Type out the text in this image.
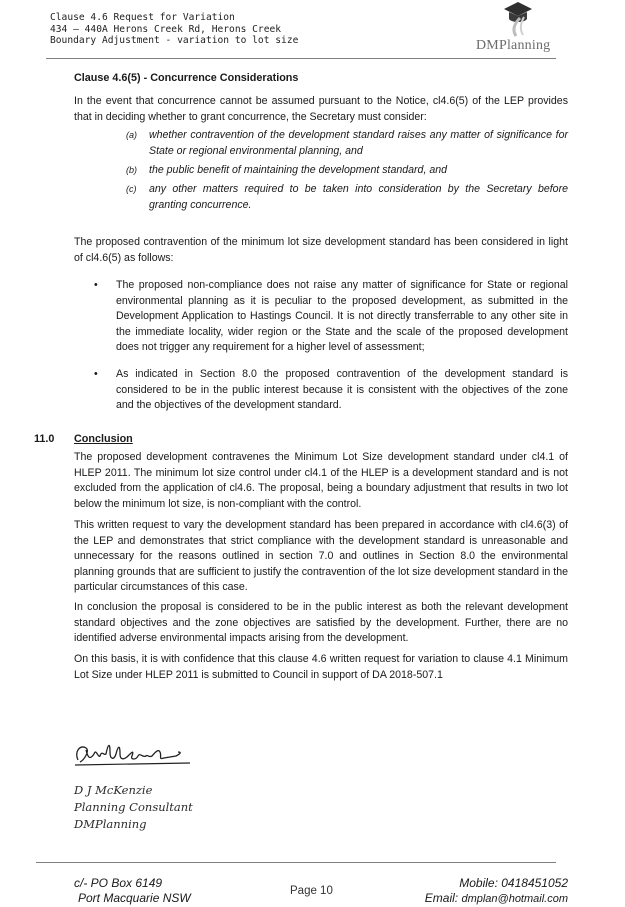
Clause 4.6 Request for Variation
434 – 440A Herons Creek Rd, Herons Creek
Boundary Adjustment - variation to lot size	DMPlanning
Clause 4.6(5) - Concurrence Considerations
In the event that concurrence cannot be assumed pursuant to the Notice, cl4.6(5) of the LEP provides that in deciding whether to grant concurrence, the Secretary must consider:
(a) whether contravention of the development standard raises any matter of significance for State or regional environmental planning, and
(b) the public benefit of maintaining the development standard, and
(c) any other matters required to be taken into consideration by the Secretary before granting concurrence.
The proposed contravention of the minimum lot size development standard has been considered in light of cl4.6(5) as follows:
• The proposed non-compliance does not raise any matter of significance for State or regional environmental planning as it is peculiar to the proposed development, as submitted in the Development Application to Hastings Council. It is not directly transferrable to any other site in the immediate locality, wider region or the State and the scale of the proposed development does not trigger any requirement for a higher level of assessment;
• As indicated in Section 8.0 the proposed contravention of the development standard is considered to be in the public interest because it is consistent with the objectives of the zone and the objectives of the development standard.
11.0 Conclusion
The proposed development contravenes the Minimum Lot Size development standard under cl4.1 of HLEP 2011. The minimum lot size control under cl4.1 of the HLEP is a development standard and is not excluded from the application of cl4.6. The proposal, being a boundary adjustment that results in two lot below the minimum lot size, is non-compliant with the control.
This written request to vary the development standard has been prepared in accordance with cl4.6(3) of the LEP and demonstrates that strict compliance with the development standard is unreasonable and unnecessary for the reasons outlined in section 7.0 and outlines in Section 8.0 the environmental planning grounds that are sufficient to justify the contravention of the lot size development standard in the particular circumstances of this case.
In conclusion the proposal is considered to be in the public interest as both the relevant development standard objectives and the zone objectives are satisfied by the development. Further, there are no identified adverse environmental impacts arising from the development.
On this basis, it is with confidence that this clause 4.6 written request for variation to clause 4.1 Minimum Lot Size under HLEP 2011 is submitted to Council in support of DA 2018-507.1
D J McKenzie
Planning Consultant
DMPlanning
c/- PO Box 6149
Port Macquarie NSW	Page 10
Mobile: 0418451052
Email: dmplan@hotmail.com
